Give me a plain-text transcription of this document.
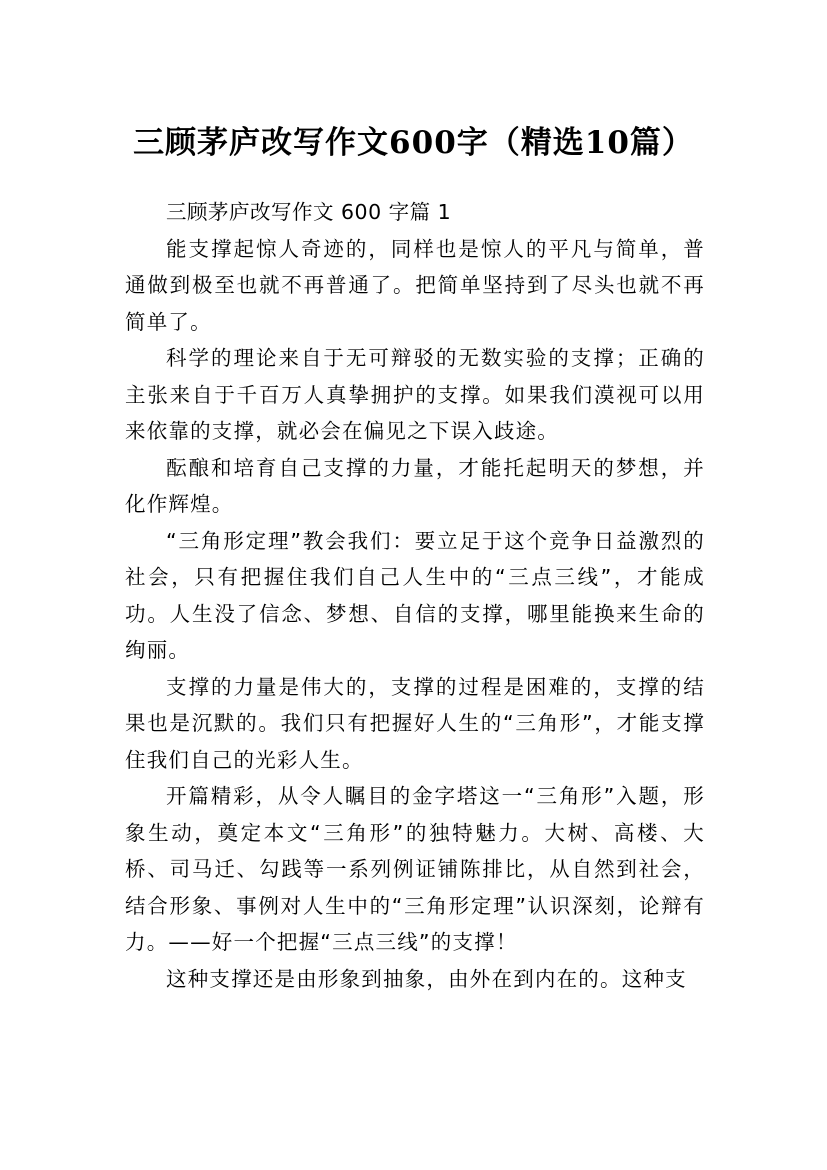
三顾茅庐改写作文600字（精选10篇）

三顾茅庐改写作文 600 字篇 1

能支撑起惊人奇迹的，同样也是惊人的平凡与简单，普通做到极至也就不再普通了。把简单坚持到了尽头也就不再简单了。

科学的理论来自于无可辩驳的无数实验的支撑；正确的主张来自于千百万人真挚拥护的支撑。如果我们漠视可以用来依靠的支撑，就必会在偏见之下误入歧途。

酝酿和培育自己支撑的力量，才能托起明天的梦想，并化作辉煌。

“三角形定理”教会我们：要立足于这个竞争日益激烈的社会，只有把握住我们自己人生中的“三点三线”，才能成功。人生没了信念、梦想、自信的支撑，哪里能换来生命的绚丽。

支撑的力量是伟大的，支撑的过程是困难的，支撑的结果也是沉默的。我们只有把握好人生的“三角形”，才能支撑住我们自己的光彩人生。

开篇精彩，从令人瞩目的金字塔这一“三角形”入题，形象生动，奠定本文“三角形”的独特魅力。大树、高楼、大桥、司马迁、勾践等一系列例证铺陈排比，从自然到社会，结合形象、事例对人生中的“三角形定理”认识深刻，论辩有力。——好一个把握“三点三线”的支撑！

这种支撑还是由形象到抽象，由外在到内在的。这种支
